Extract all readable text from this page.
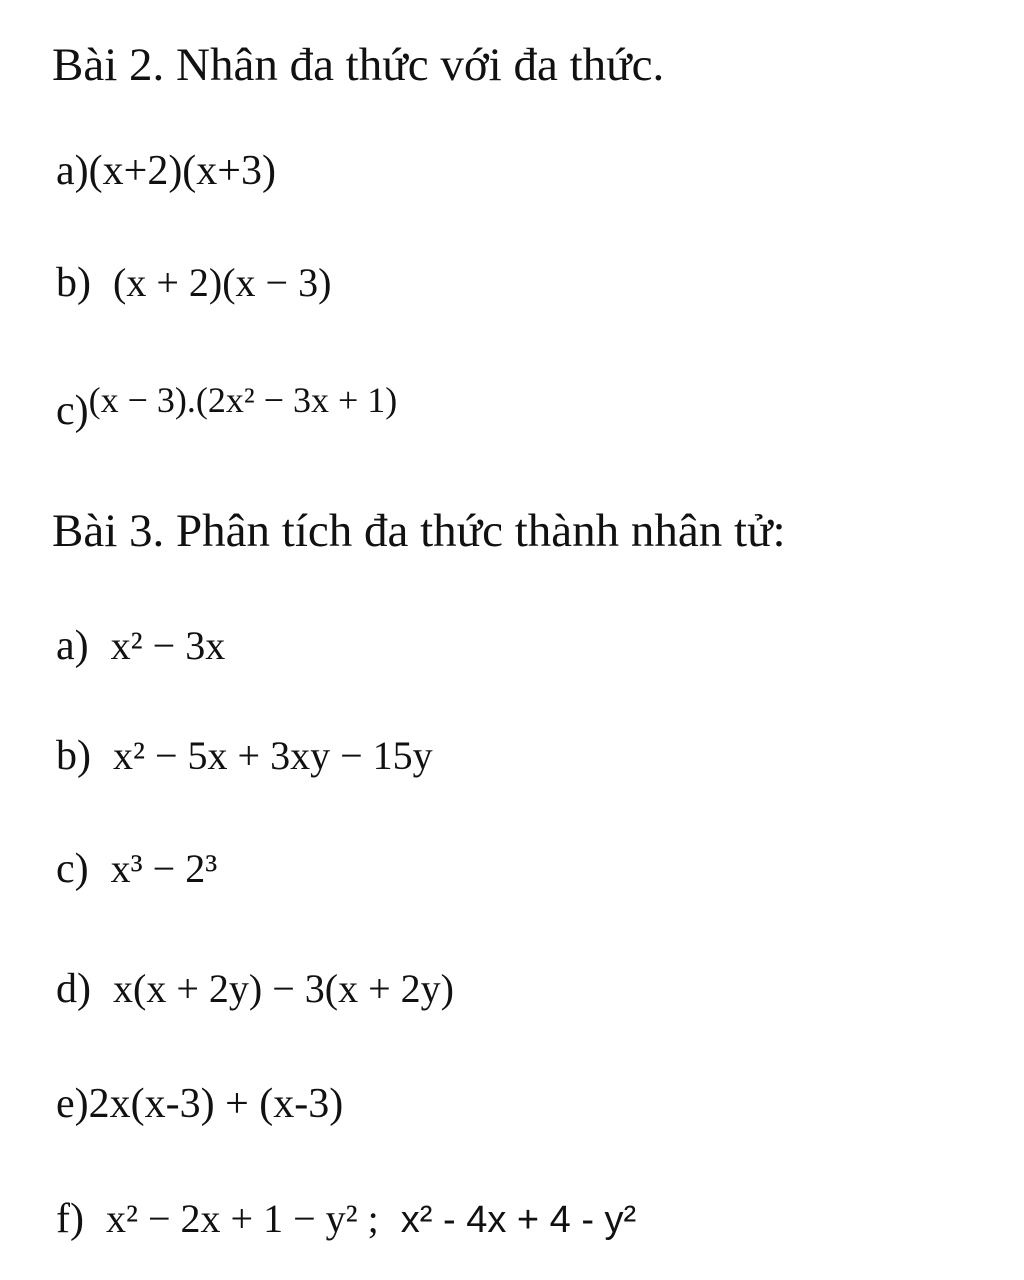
Bài 2. Nhân đa thức với đa thức.
a)(x+2)(x+3)
b) (x + 2)(x − 3)
c)(x − 3).(2x² − 3x + 1)
Bài 3. Phân tích đa thức thành nhân tử:
a) x² − 3x
b) x² − 5x + 3xy − 15y
c) x³ − 2³
d) x(x + 2y) − 3(x + 2y)
e)2x(x-3) + (x-3)
f) x² − 2x + 1 − y² ; x² - 4x + 4 - y²
